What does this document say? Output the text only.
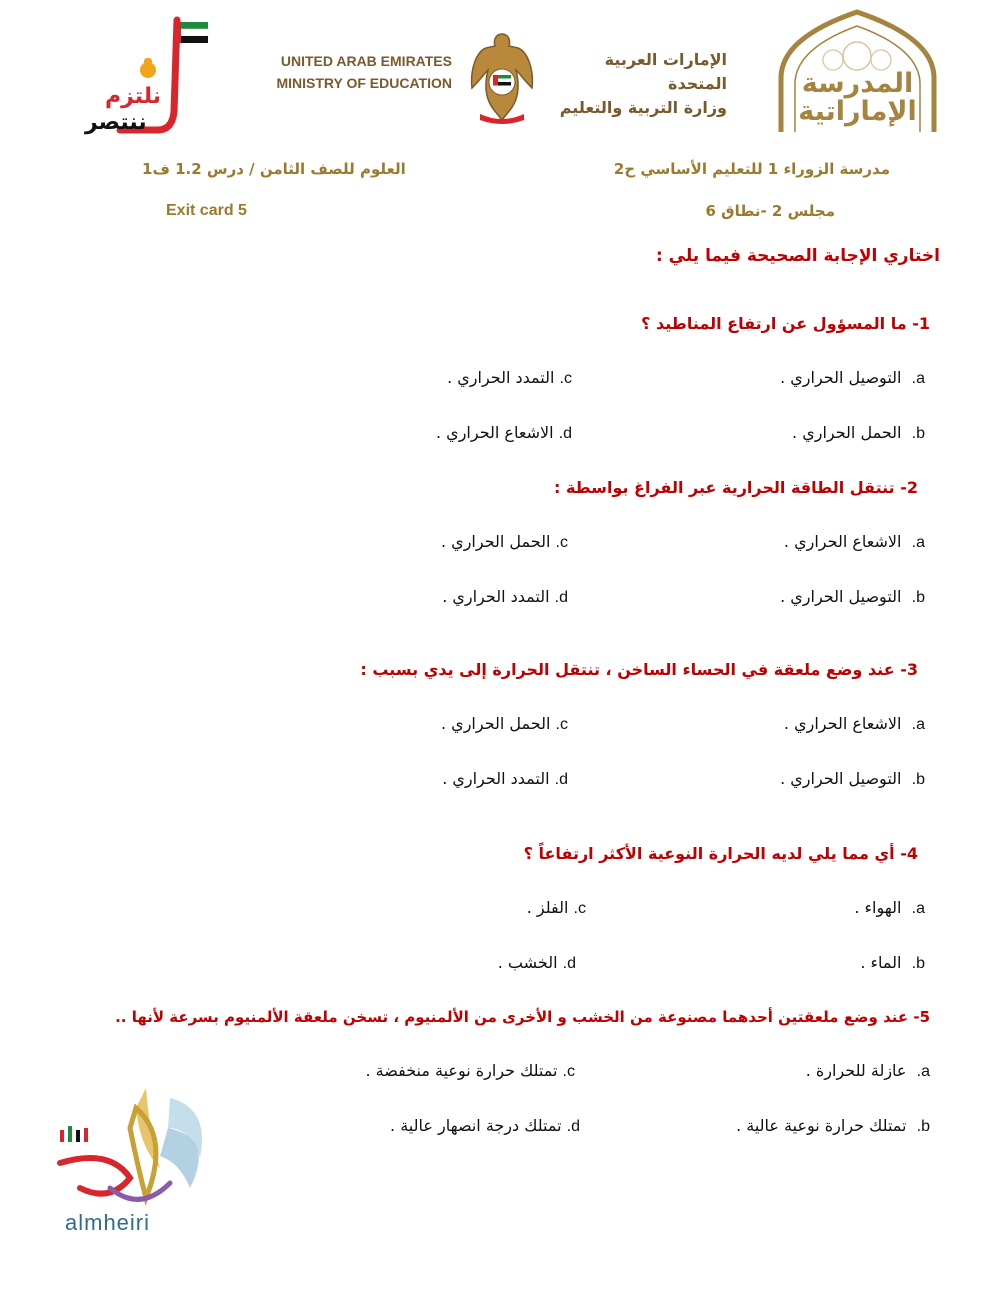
نلتزم
ننتصر
UNITED ARAB EMIRATES
MINISTRY OF EDUCATION
الإمارات العربية المتحدة
وزارة التربية والتعليم
المدرسة
الإماراتية
مدرسة الزوراء 1 للتعليم الأساسي ح2
العلوم للصف الثامن / درس 1.2 ف1
مجلس 2 -نطاق 6
Exit card 5
اختاري الإجابة الصحيحة فيما يلي :
1- ما المسؤول عن ارتفاع المناطيد ؟
a.  التوصيل الحراري .
c. التمدد الحراري .
b.  الحمل الحراري .
d. الاشعاع الحراري .
2- تنتقل الطاقة الحرارية عبر الفراغ بواسطة :
a.  الاشعاع الحراري .
c. الحمل الحراري .
b.  التوصيل الحراري .
d. التمدد الحراري .
3- عند وضع ملعقة في الحساء الساخن ، تنتقل الحرارة إلى يدي بسبب :
a.  الاشعاع الحراري .
c. الحمل الحراري .
b.  التوصيل الحراري .
d. التمدد الحراري .
4- أي مما يلي لديه الحرارة النوعية الأكثر ارتفاعاً ؟
a.  الهواء .
c. الفلز .
b.  الماء .
d. الخشب .
5- عند وضع ملعقتين أحدهما مصنوعة من الخشب و الأخرى من الألمنيوم ، تسخن ملعقة الألمنيوم بسرعة لأنها ..
a.  عازلة للحرارة .
c. تمتلك حرارة نوعية منخفضة .
b.  تمتلك حرارة نوعية عالية .
d. تمتلك درجة انصهار عالية .
almheiri
